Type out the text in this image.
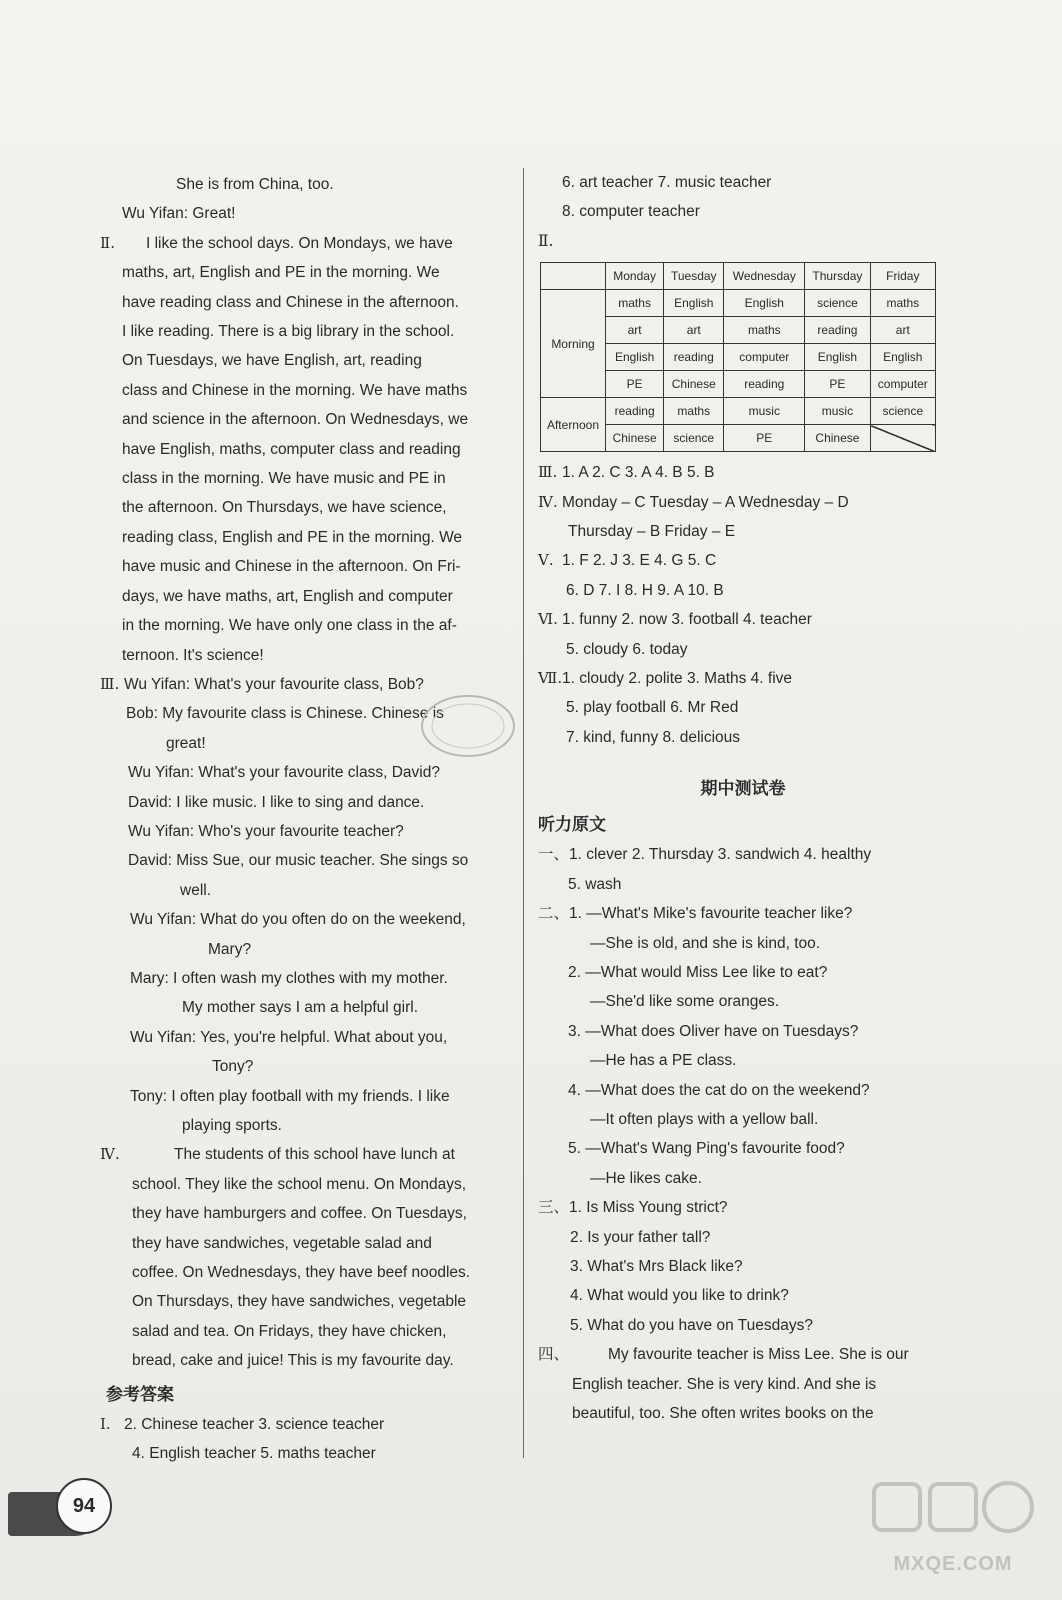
She is from China, too.
Wu Yifan: Great!
Ⅱ. I like the school days. On Mondays, we have
maths, art, English and PE in the morning. We
have reading class and Chinese in the afternoon.
I like reading. There is a big library in the school.
On Tuesdays, we have English, art, reading
class and Chinese in the morning. We have maths
and science in the afternoon. On Wednesdays, we
have English, maths, computer class and reading
class in the morning. We have music and PE in
the afternoon. On Thursdays, we have science,
reading class, English and PE in the morning. We
have music and Chinese in the afternoon. On Fri-
days, we have maths, art, English and computer
in the morning. We have only one class in the af-
ternoon. It's science!
Ⅲ. Wu Yifan: What's your favourite class, Bob?
Bob: My favourite class is Chinese. Chinese is
great!
Wu Yifan: What's your favourite class, David?
David: I like music. I like to sing and dance.
Wu Yifan: Who's your favourite teacher?
David: Miss Sue, our music teacher. She sings so
well.
Wu Yifan: What do you often do on the weekend,
Mary?
Mary: I often wash my clothes with my mother.
My mother says I am a helpful girl.
Wu Yifan: Yes, you're helpful. What about you,
Tony?
Tony: I often play football with my friends. I like
playing sports.
Ⅳ.	The students of this school have lunch at
school. They like the school menu. On Mondays,
they have hamburgers and coffee. On Tuesdays,
they have sandwiches, vegetable salad and
coffee. On Wednesdays, they have beef noodles.
On Thursdays, they have sandwiches, vegetable
salad and tea. On Fridays, they have chicken,
bread, cake and juice! This is my favourite day.
参考答案
Ⅰ. 2. Chinese teacher 3. science teacher
4. English teacher 5. maths teacher
6. art teacher 7. music teacher
8. computer teacher
Ⅱ.
	Monday	Tuesday	Wednesday	Thursday	Friday
Morning	maths	English	English	science	maths
	art	art	maths	reading	art
	English	reading	computer	English	English
	PE	Chinese	reading	PE	computer
Afternoon	reading	maths	music	music	science
	Chinese	science	PE	Chinese	
Ⅲ. 1. A 2. C 3. A 4. B 5. B
Ⅳ. Monday – C Tuesday – A Wednesday – D
Thursday – B Friday – E
Ⅴ. 1. F 2. J 3. E 4. G 5. C
6. D 7. I 8. H 9. A 10. B
Ⅵ. 1. funny 2. now 3. football 4. teacher
5. cloudy 6. today
Ⅶ.1. cloudy 2. polite 3. Maths 4. five
5. play football 6. Mr Red
7. kind, funny 8. delicious
期中测试卷
听力原文
一、1. clever 2. Thursday 3. sandwich 4. healthy
5. wash
二、1. —What's Mike's favourite teacher like?
—She is old, and she is kind, too.
2. —What would Miss Lee like to eat?
—She'd like some oranges.
3. —What does Oliver have on Tuesdays?
—He has a PE class.
4. —What does the cat do on the weekend?
—It often plays with a yellow ball.
5. —What's Wang Ping's favourite food?
—He likes cake.
三、1. Is Miss Young strict?
2. Is your father tall?
3. What's Mrs Black like?
4. What would you like to drink?
5. What do you have on Tuesdays?
四、	My favourite teacher is Miss Lee. She is our
English teacher. She is very kind. And she is
beautiful, too. She often writes books on the
94
MXQE.COM
